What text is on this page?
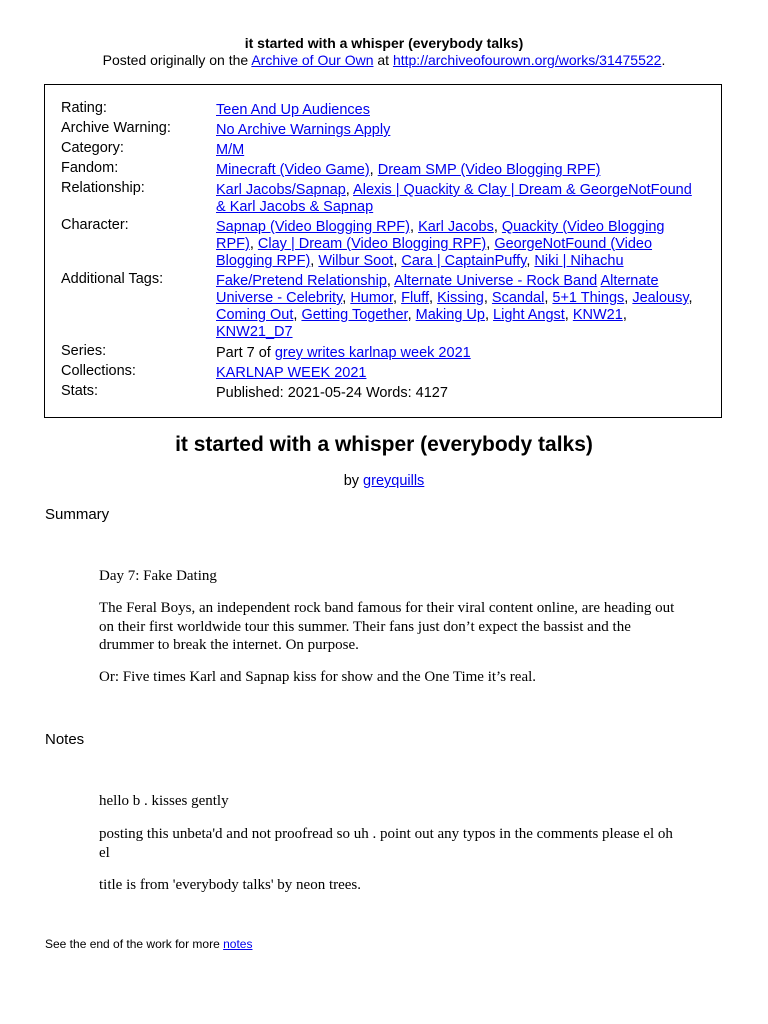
it started with a whisper (everybody talks)
Posted originally on the Archive of Our Own at http://archiveofourown.org/works/31475522.
Rating:	Teen And Up Audiences
Archive Warning:	No Archive Warnings Apply
Category:	M/M
Fandom:	Minecraft (Video Game), Dream SMP (Video Blogging RPF)
Relationship:	Karl Jacobs/Sapnap, Alexis | Quackity & Clay | Dream & GeorgeNotFound & Karl Jacobs & Sapnap
Character:	Sapnap (Video Blogging RPF), Karl Jacobs, Quackity (Video Blogging RPF), Clay | Dream (Video Blogging RPF), GeorgeNotFound (Video Blogging RPF), Wilbur Soot, Cara | CaptainPuffy, Niki | Nihachu
Additional Tags:	Fake/Pretend Relationship, Alternate Universe - Rock Band Alternate Universe - Celebrity, Humor, Fluff, Kissing, Scandal, 5+1 Things, Jealousy, Coming Out, Getting Together, Making Up, Light Angst, KNW21, KNW21_D7
Series:	Part 7 of grey writes karlnap week 2021
Collections:	KARLNAP WEEK 2021
Stats:	Published: 2021-05-24 Words: 4127
it started with a whisper (everybody talks)
by greyquills
Summary
Day 7: Fake Dating
The Feral Boys, an independent rock band famous for their viral content online, are heading out on their first worldwide tour this summer. Their fans just don’t expect the bassist and the drummer to break the internet. On purpose.
Or: Five times Karl and Sapnap kiss for show and the One Time it’s real.
Notes
hello b . kisses gently
posting this unbeta'd and not proofread so uh . point out any typos in the comments please el oh el
title is from 'everybody talks' by neon trees.
See the end of the work for more notes
